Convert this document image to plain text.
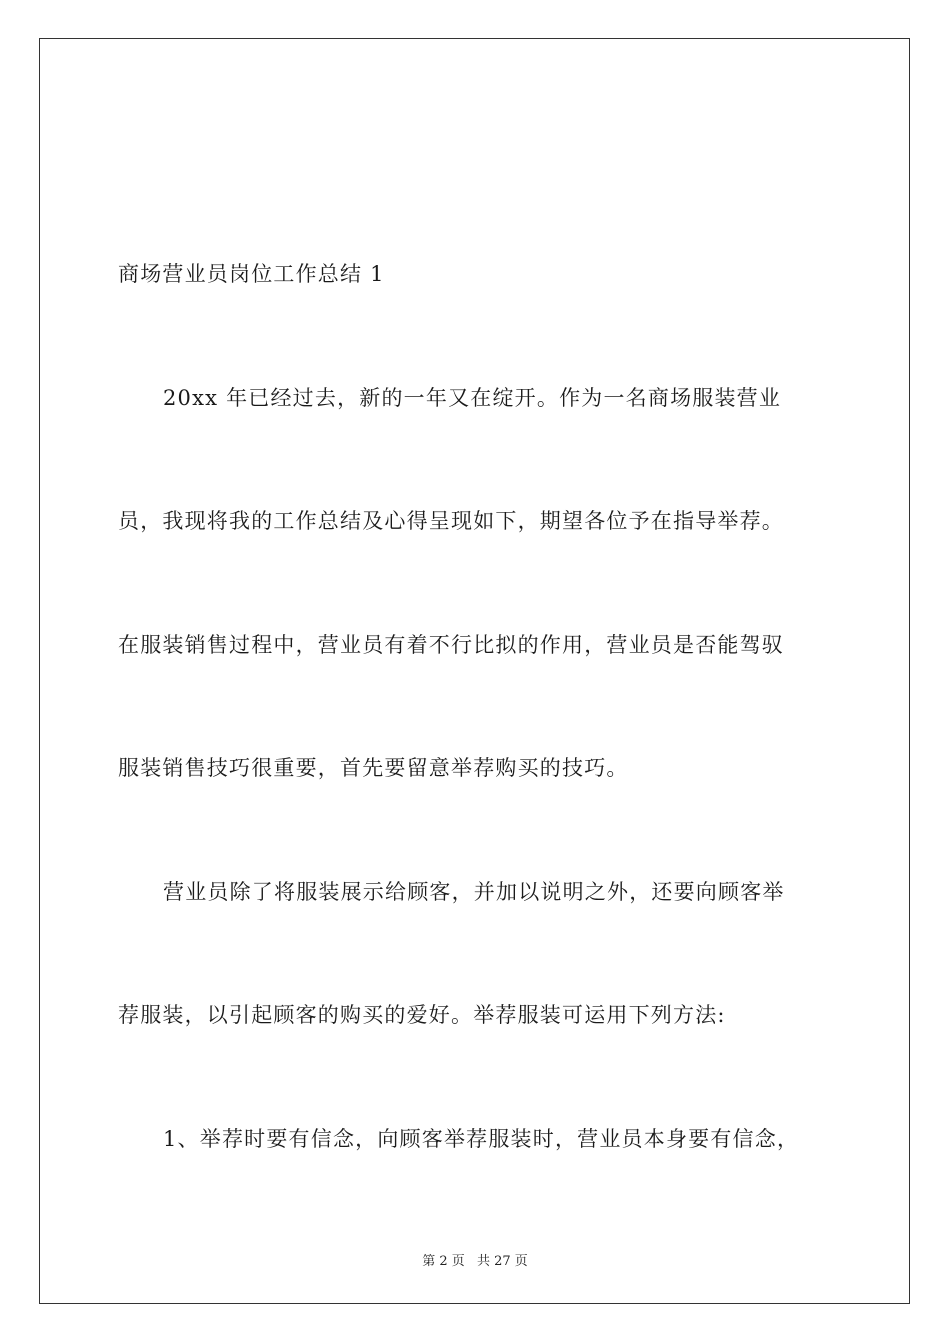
商场营业员岗位工作总结 1
20xx 年已经过去，新的一年又在绽开。作为一名商场服装营业
员，我现将我的工作总结及心得呈现如下，期望各位予在指导举荐。
在服装销售过程中，营业员有着不行比拟的作用，营业员是否能驾驭
服装销售技巧很重要，首先要留意举荐购买的技巧。
营业员除了将服装展示给顾客，并加以说明之外，还要向顾客举
荐服装，以引起顾客的购买的爱好。举荐服装可运用下列方法:
1、举荐时要有信念，向顾客举荐服装时，营业员本身要有信念，
第 2 页 共 27 页
